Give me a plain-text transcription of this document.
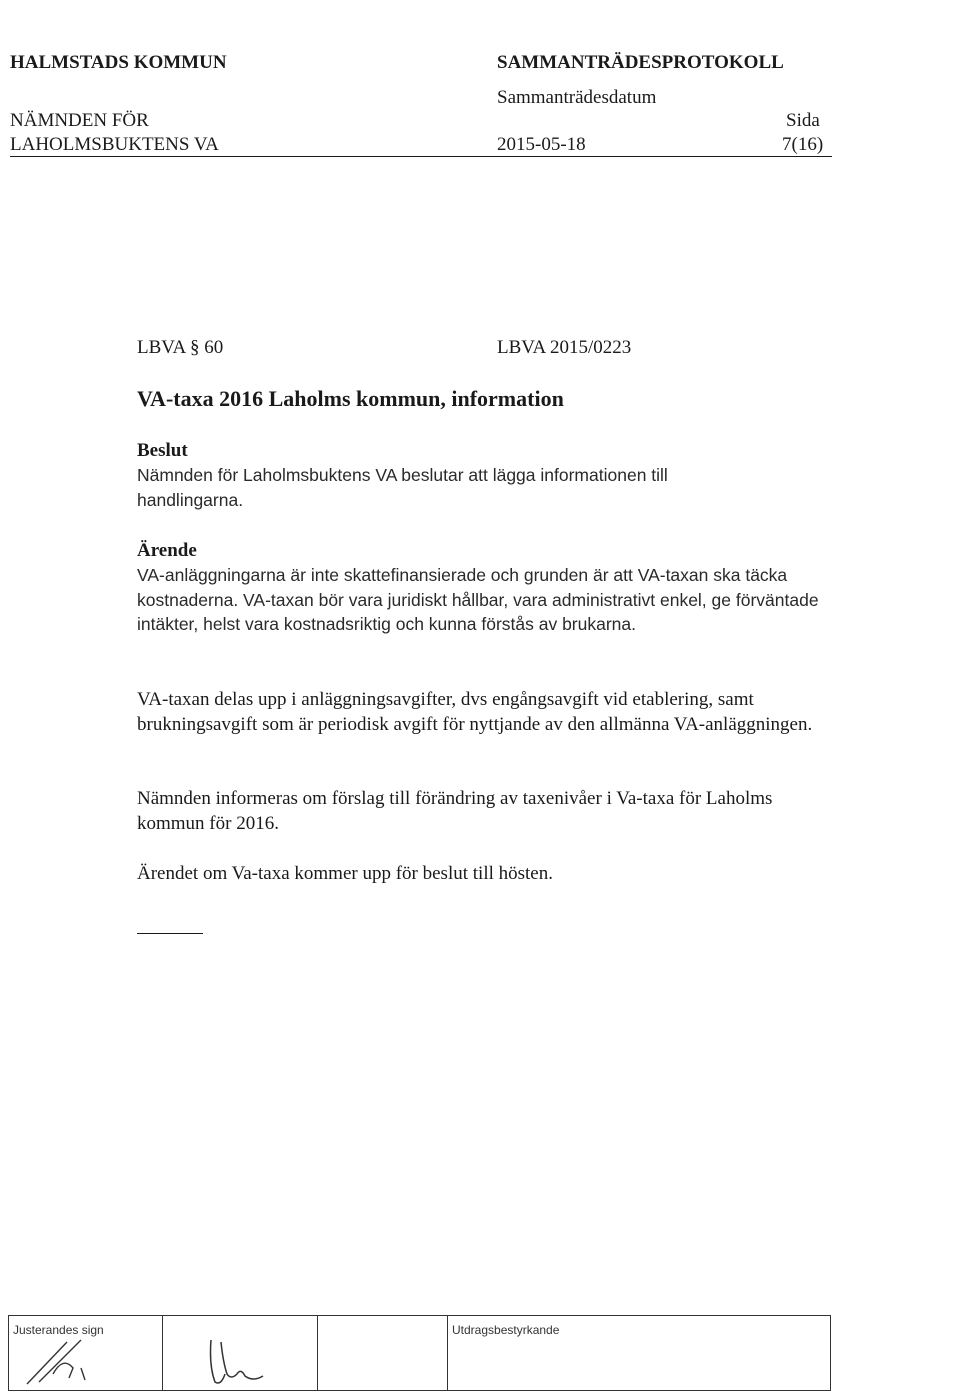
HALMSTADS KOMMUN	SAMMANTRÄDESPROTOKOLL
Sammanträdesdatum
NÄMNDEN FÖR	Sida
LAHOLMSBUKTENS VA	2015-05-18	7(16)
LBVA § 60	LBVA 2015/0223
VA-taxa 2016 Laholms kommun, information
Beslut
Nämnden för Laholmsbuktens VA beslutar att lägga informationen till handlingarna.
Ärende
VA-anläggningarna är inte skattefinansierade och grunden är att VA-taxan ska täcka kostnaderna. VA-taxan bör vara juridiskt hållbar, vara administrativt enkel, ge förväntade intäkter, helst vara kostnadsriktig och kunna förstås av brukarna.
VA-taxan delas upp i anläggningsavgifter, dvs engångsavgift vid etablering, samt brukningsavgift som är periodisk avgift för nyttjande av den allmänna VA-anläggningen.
Nämnden informeras om förslag till förändring av taxenivåer i Va-taxa för Laholms kommun för 2016.
Ärendet om Va-taxa kommer upp för beslut till hösten.
Justerandes sign	Utdragsbestyrkande
